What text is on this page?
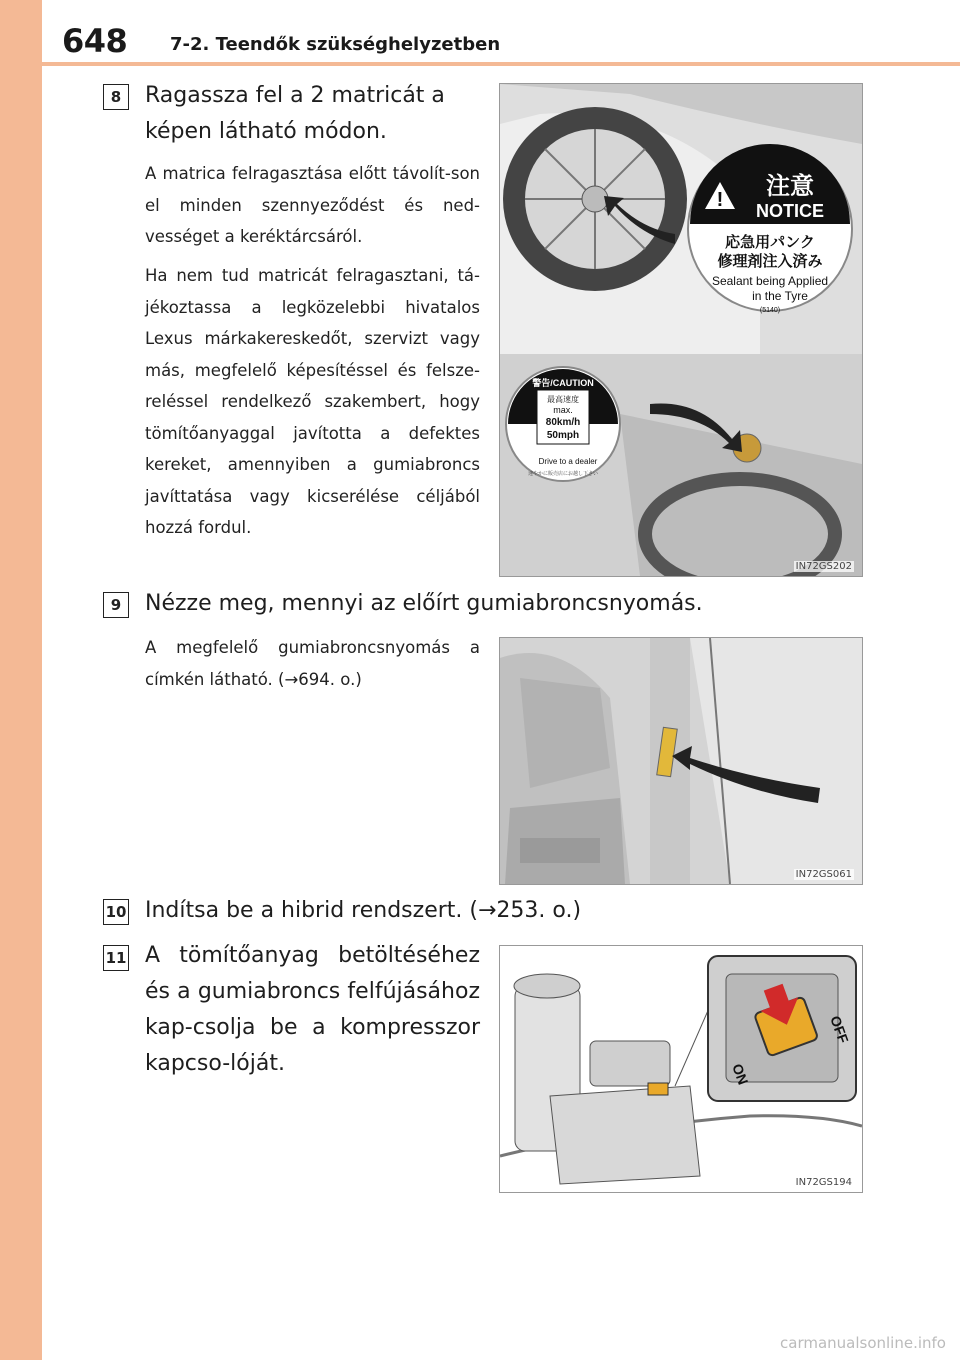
648 7-2. Teendők szükséghelyzetben
8	Ragassza fel a 2 matricát a képen látható módon.
A matrica felragasztása előtt távolít-son el minden szennyeződést és ned-vességet a keréktárcsáról.
Ha nem tud matricát felragasztani, tá-jékoztassa a legközelebbi hivatalos Lexus márkakereskedőt, szervizt vagy más, megfelelő képesítéssel és felsze-reléssel rendelkező szakembert, hogy tömítőanyaggal javította a defektes kereket, amennyiben a gumiabroncs javíttatása vagy kicserélése céljából hozzá fordul.
! 注意
NOTICE
応急用パンク
修理剤注入済み
Sealant being Applied
in the Tyre
(5140)
警告/CAUTION
最高速度
max.
80km/h
50mph
Drive to a dealer
速やかに販売店にお越し下さい
IN72GS202
9	Nézze meg, mennyi az előírt gumiabroncsnyomás.
A megfelelő gumiabroncsnyomás a címkén látható. (→694. o.)
IN72GS061
10 Indítsa be a hibrid rendszert. (→253. o.)
11 A tömítőanyag betöltéséhez és a gumiabroncs felfújásához kap-csolja be a kompresszor kapcso-lóját.
OFF
ON
IN72GS194
carmanualsonline.info
